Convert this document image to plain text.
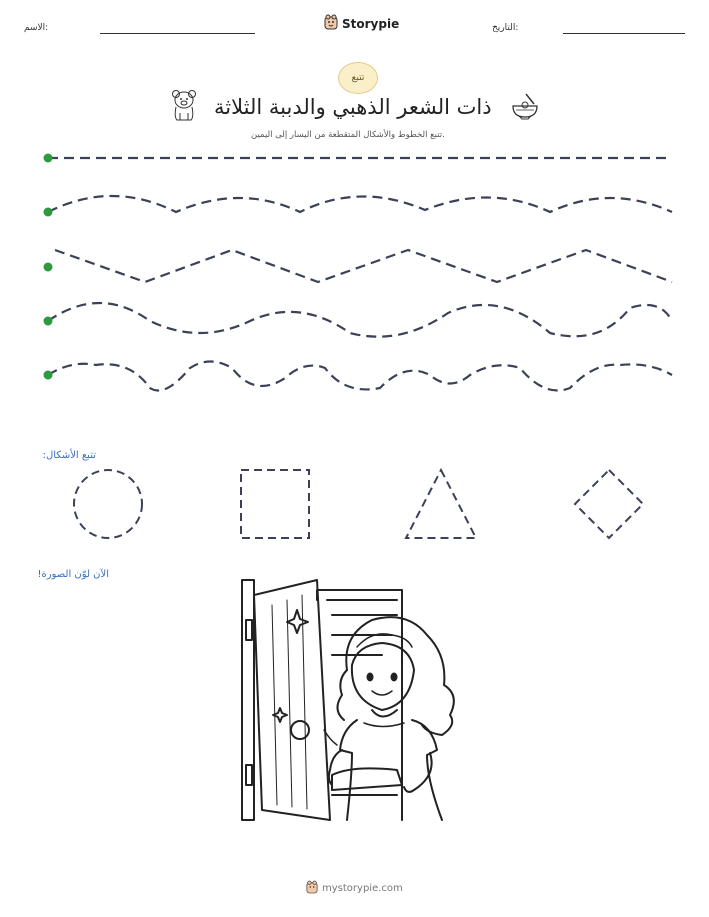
الاسم:	Storypie	التاريخ:
تتبع
ذات الشعر الذهبي والدببة الثلاثة
تتبع الخطوط والأشكال المتقطعة من اليسار إلى اليمين.
تتبع الأشكال:
الآن لوّن الصورة!
mystorypie.com
